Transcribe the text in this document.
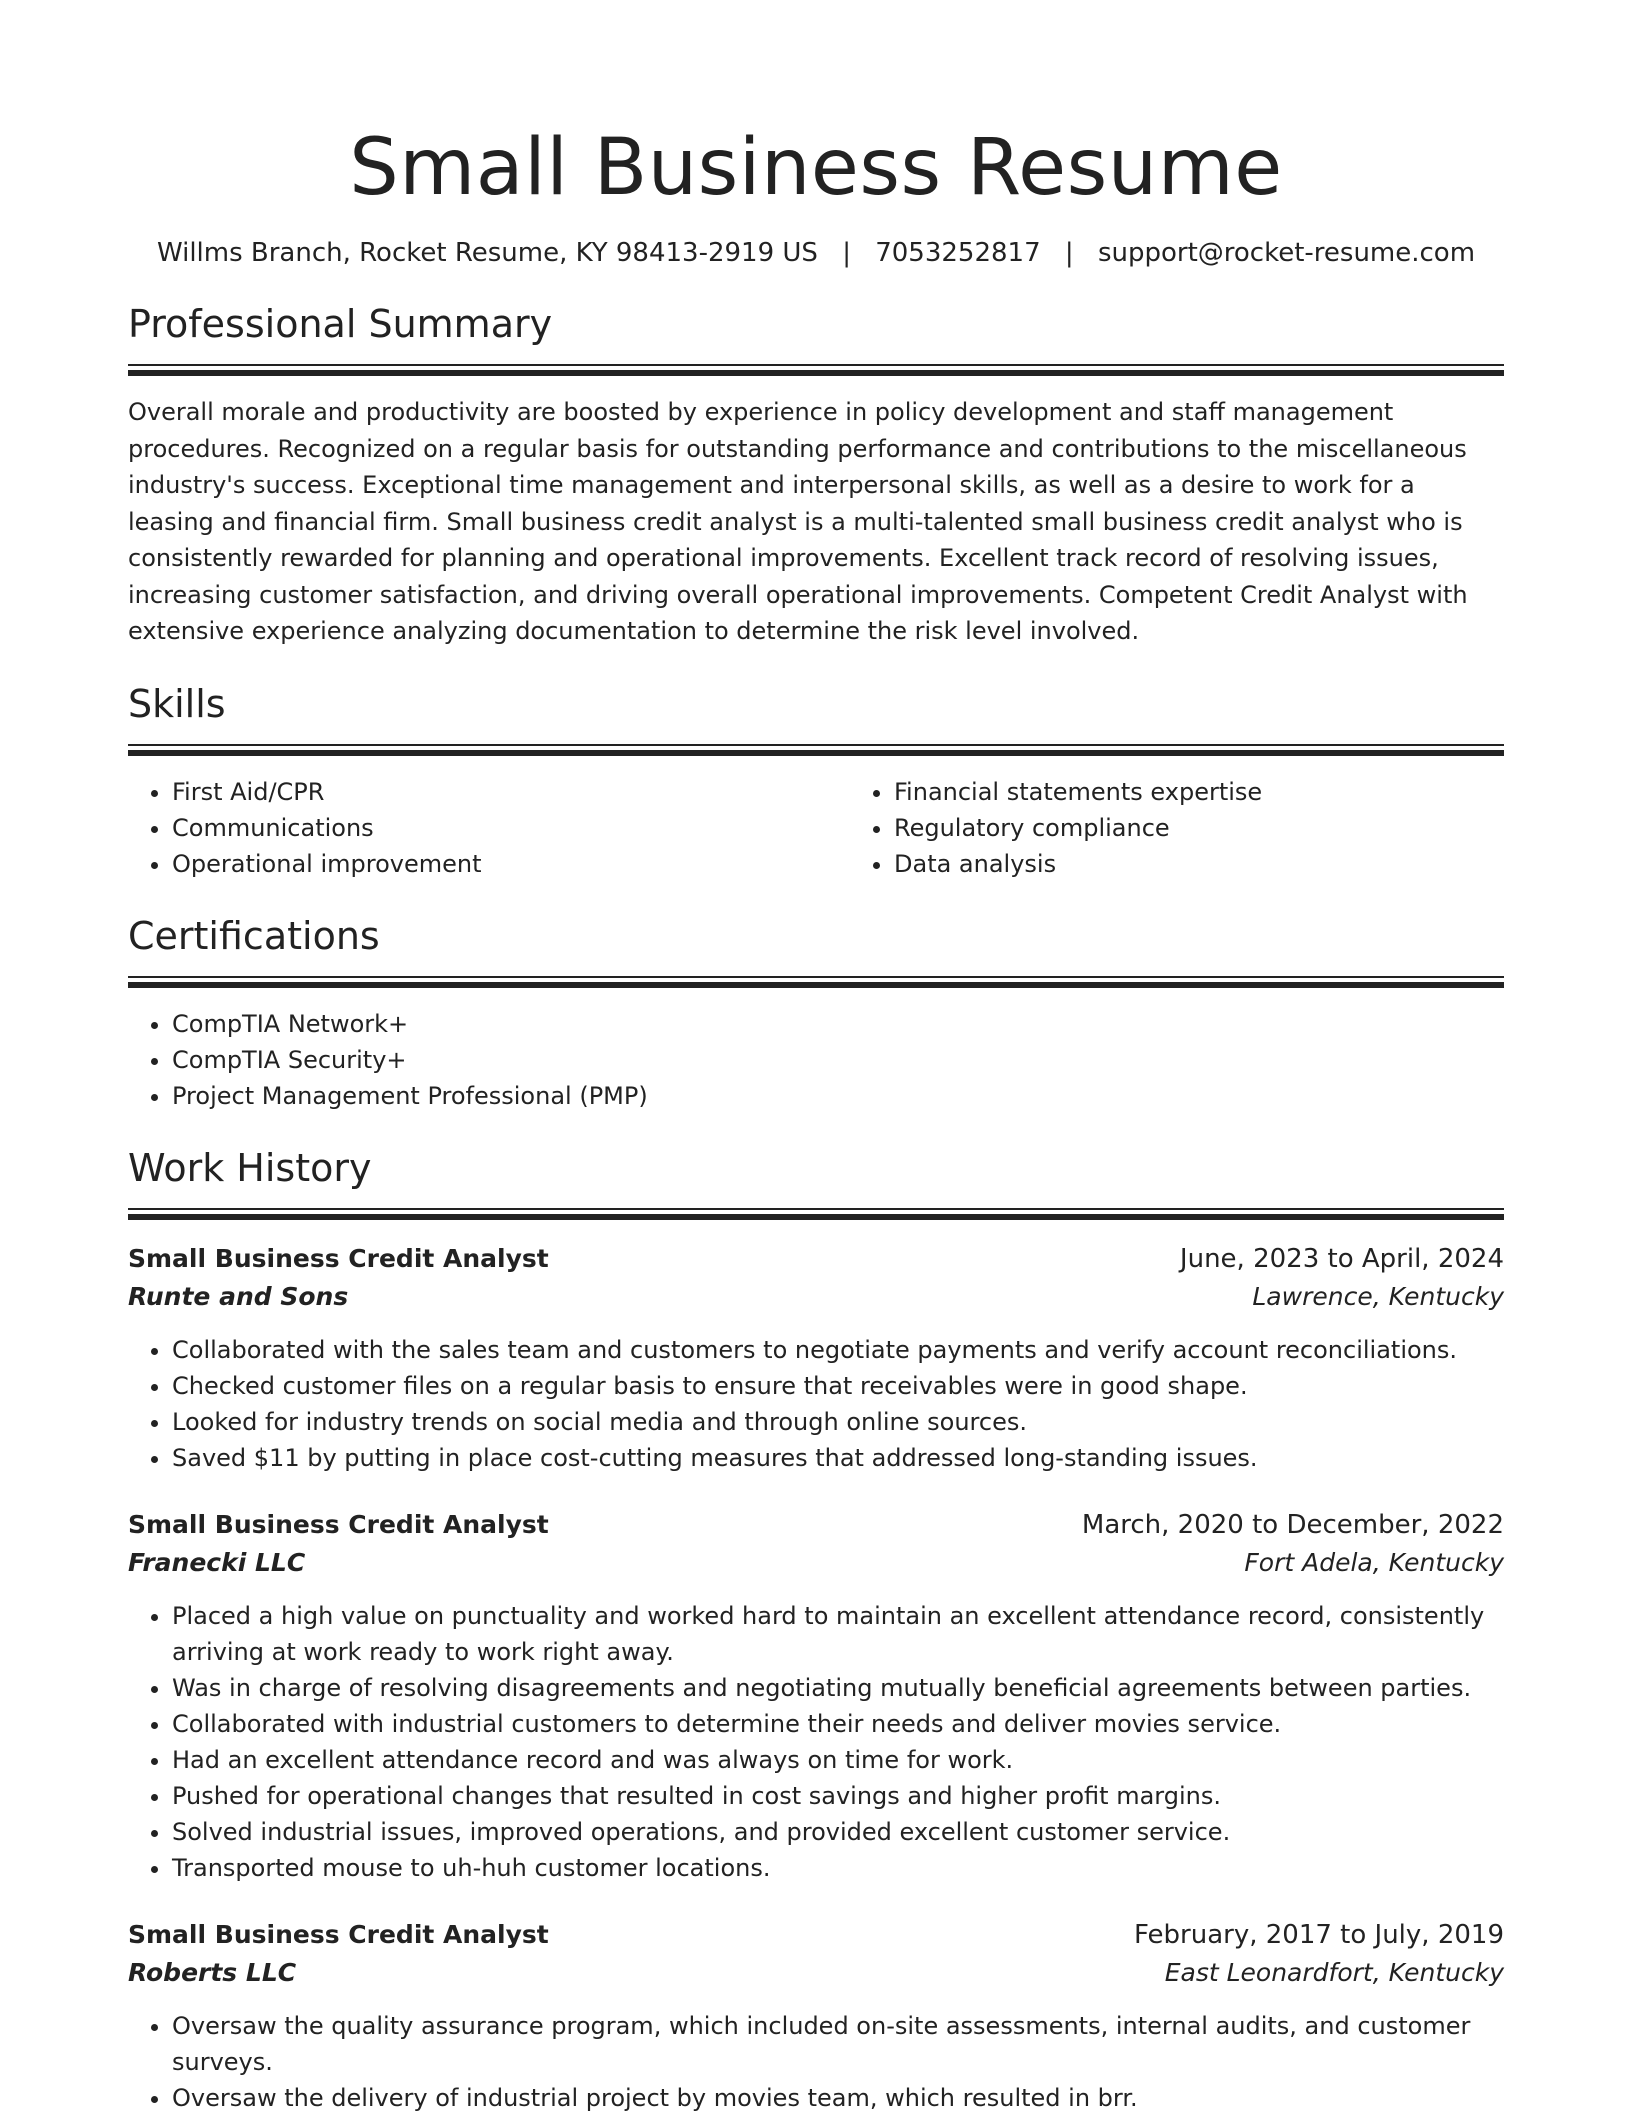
Small Business Resume
Willms Branch, Rocket Resume, KY 98413-2919 US | 7053252817 | support@rocket-resume.com
Professional Summary

Overall morale and productivity are boosted by experience in policy development and staff management procedures. Recognized on a regular basis for outstanding performance and contributions to the miscellaneous industry's success. Exceptional time management and interpersonal skills, as well as a desire to work for a leasing and financial firm. Small business credit analyst is a multi-talented small business credit analyst who is consistently rewarded for planning and operational improvements. Excellent track record of resolving issues, increasing customer satisfaction, and driving overall operational improvements. Competent Credit Analyst with extensive experience analyzing documentation to determine the risk level involved.

Skills
• First Aid/CPR
• Communications
• Operational improvement
• Financial statements expertise
• Regulatory compliance
• Data analysis
Certifications
• CompTIA Network+
• CompTIA Security+
• Project Management Professional (PMP)
Work History
Small Business Credit Analyst	June, 2023 to April, 2024
Runte and Sons	Lawrence, Kentucky
• Collaborated with the sales team and customers to negotiate payments and verify account reconciliations.
• Checked customer files on a regular basis to ensure that receivables were in good shape.
• Looked for industry trends on social media and through online sources.
• Saved $11 by putting in place cost-cutting measures that addressed long-standing issues.
Small Business Credit Analyst	March, 2020 to December, 2022
Franecki LLC	Fort Adela, Kentucky
• Placed a high value on punctuality and worked hard to maintain an excellent attendance record, consistently arriving at work ready to work right away.
• Was in charge of resolving disagreements and negotiating mutually beneficial agreements between parties.
• Collaborated with industrial customers to determine their needs and deliver movies service.
• Had an excellent attendance record and was always on time for work.
• Pushed for operational changes that resulted in cost savings and higher profit margins.
• Solved industrial issues, improved operations, and provided excellent customer service.
• Transported mouse to uh-huh customer locations.
Small Business Credit Analyst	February, 2017 to July, 2019
Roberts LLC	East Leonardfort, Kentucky
• Oversaw the quality assurance program, which included on-site assessments, internal audits, and customer surveys.
• Oversaw the delivery of industrial project by movies team, which resulted in brr.
